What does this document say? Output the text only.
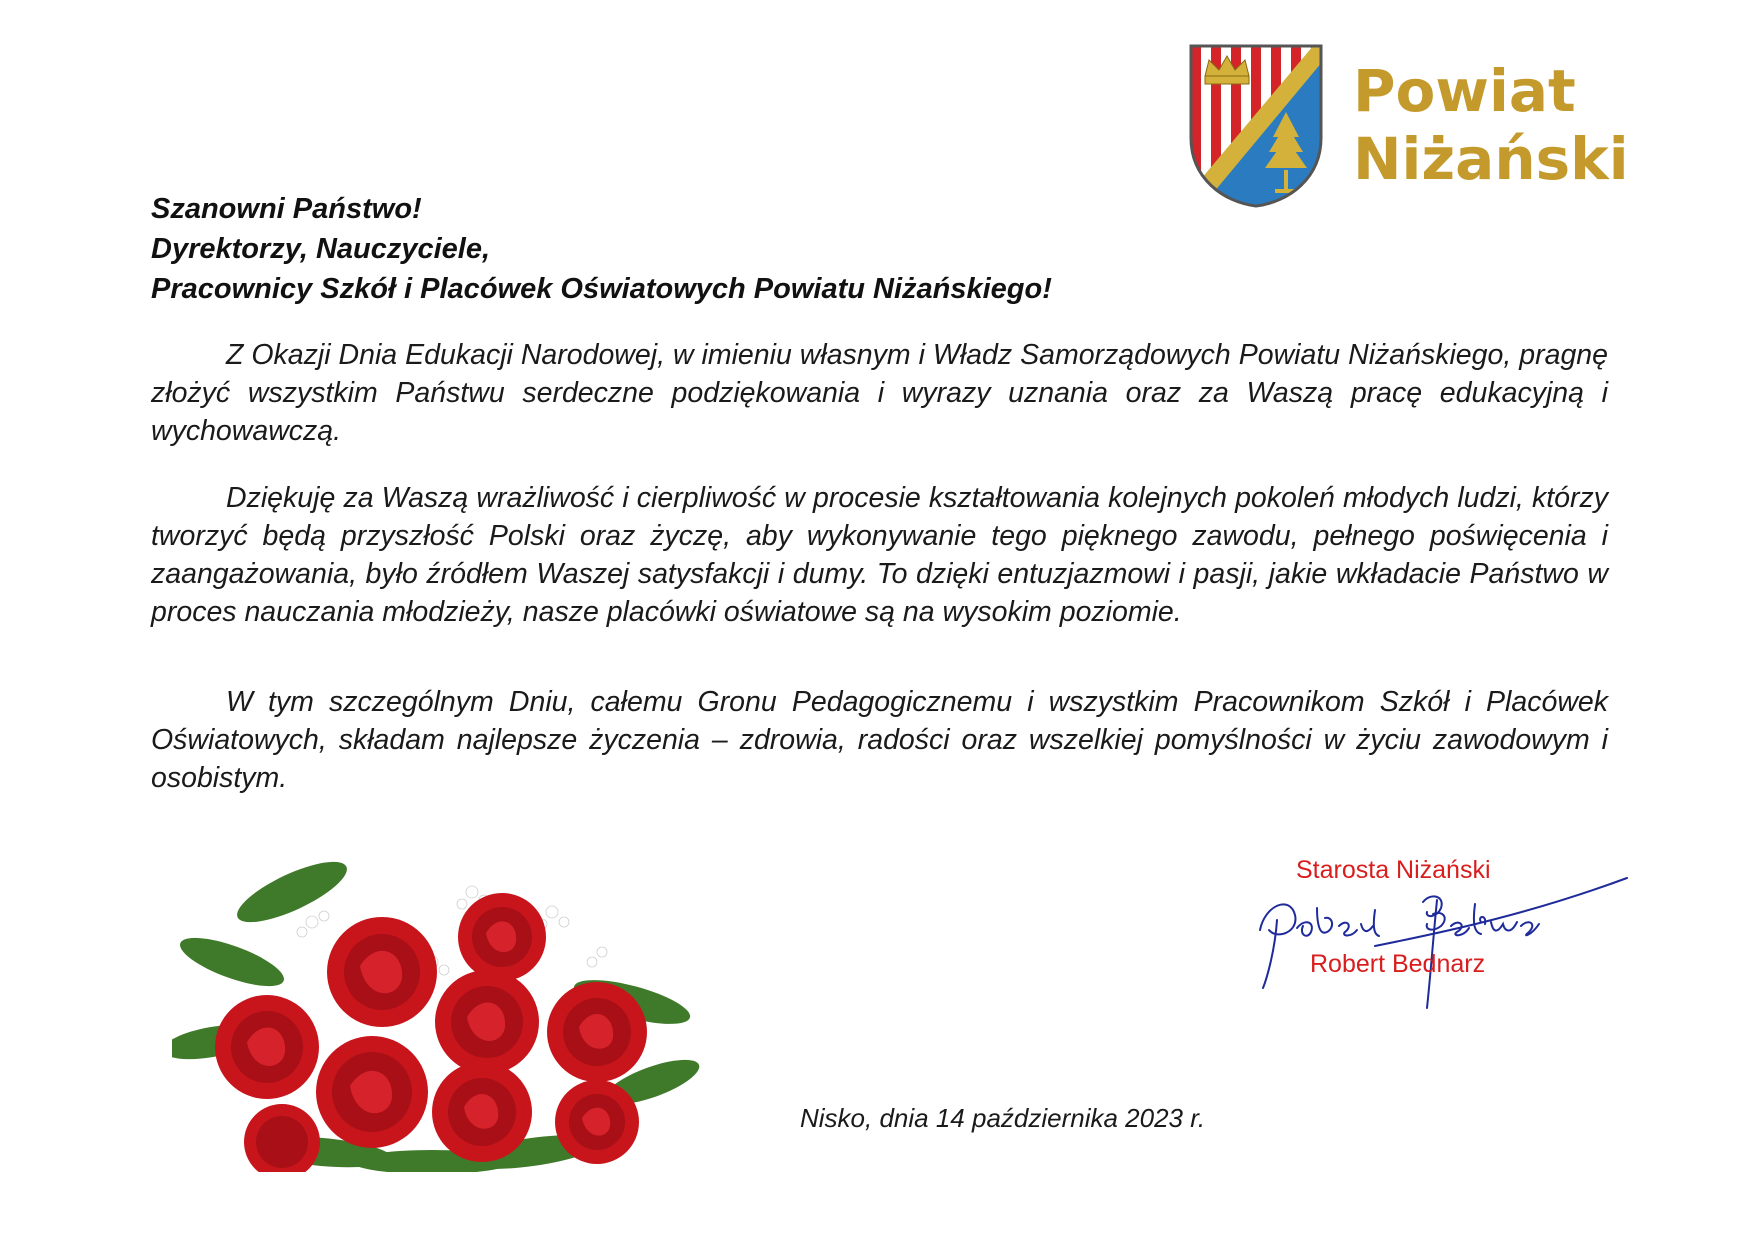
Powiat
Niżański
Szanowni Państwo!
Dyrektorzy, Nauczyciele,
Pracownicy Szkół i Placówek Oświatowych Powiatu Niżańskiego!

Z Okazji Dnia Edukacji Narodowej, w imieniu własnym i Władz Samorządowych Powiatu Niżańskiego, pragnę złożyć wszystkim Państwu serdeczne podziękowania i wyrazy uznania oraz za Waszą pracę edukacyjną i wychowawczą.

Dziękuję za Waszą wrażliwość i cierpliwość w procesie kształtowania kolejnych pokoleń młodych ludzi, którzy tworzyć będą przyszłość Polski oraz życzę, aby wykonywanie tego pięknego zawodu, pełnego poświęcenia i zaangażowania, było źródłem Waszej satysfakcji i dumy. To dzięki entuzjazmowi i pasji, jakie wkładacie Państwo w proces nauczania młodzieży, nasze placówki oświatowe są na wysokim poziomie.

W tym szczególnym Dniu, całemu Gronu Pedagogicznemu i wszystkim Pracownikom Szkół i Placówek Oświatowych, składam najlepsze życzenia – zdrowia, radości oraz wszelkiej pomyślności w życiu zawodowym i osobistym.

Nisko, dnia 14 października 2023 r.
Starosta Niżański
Robert Bednarz
